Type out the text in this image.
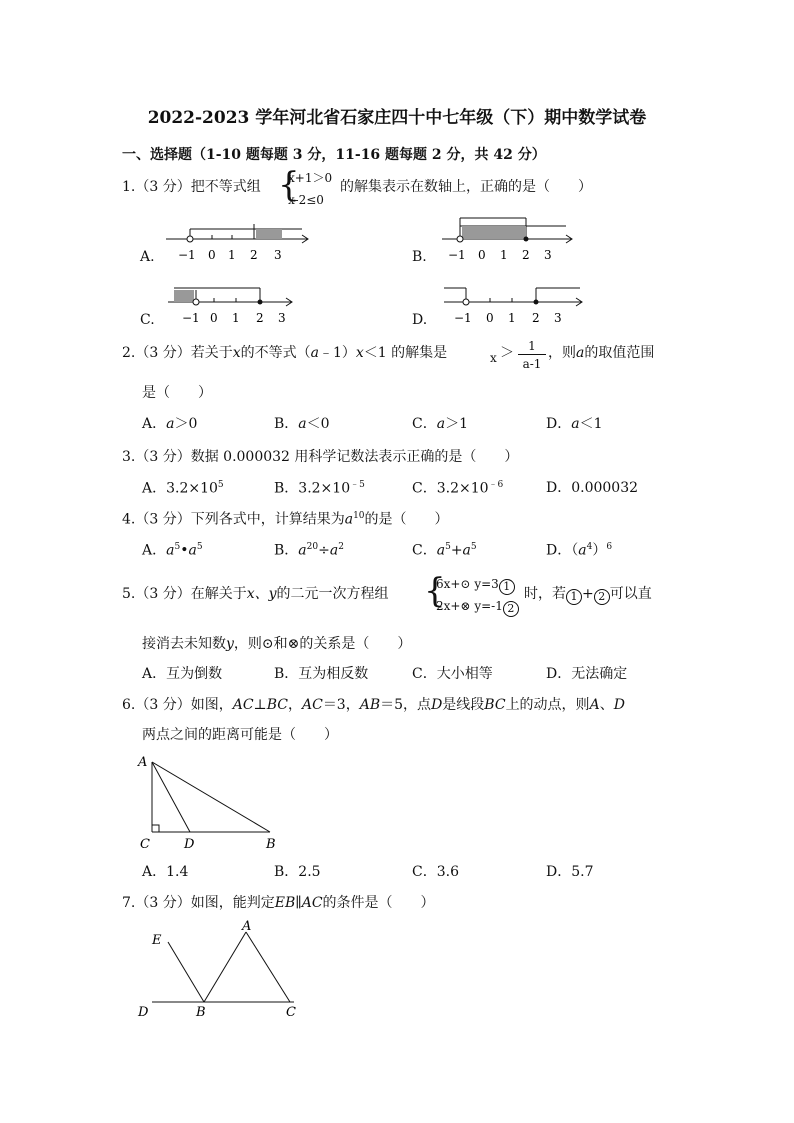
2022-2023 学年河北省石家庄四十中七年级（下）期中数学试卷
一、选择题（1-10 题每题 3 分，11-16 题每题 2 分，共 42 分）
1.（3 分）把不等式组 {
x+1＞0
x-2≤0
的解集表示在数轴上，正确的是（　　）
A.	B.
C.	D.
−1 0 1 2 3	−1 0 1 2 3
−1 0 1 2 3	−1 0 1 2 3
2.（3 分）若关于x的不等式（a﹣1）x＜1 的解集是	x ＞	1
a-1
，则a的取值范围
是（　　）
A．a＞0	B．a＜0	C．a＞1	D．a＜1
3.（3 分）数据 0.000032 用科学记数法表示正确的是（　　）
A．$3.2\times 10^5$	B．$3.2\times 10^{﹣5}$	C．$3.2\times 10^{﹣6}$	D．0.000032
4.（3 分）下列各式中，计算结果为$a^{10}$的是（　　）
A．$a^5•a^5$	B．$a^{20}\div a^2$	C．$a^5+a^5$	D．$(a^4)^6$
5.（3 分）在解关于x、y的二元一次方程组 {
6x+⊙ y=3 1
2x+⊗ y=-1 2
时，若 1 + 2 可以直
接消去未知数y，则⊙和⊗的关系是（　　）
A．互为倒数	B．互为相反数	C．大小相等	D．无法确定
6.（3 分）如图，AC⊥BC，AC＝3，AB＝5，点D是线段BC上的动点，则A、D
两点之间的距离可能是（　　）
A
C	D	B
A．1.4	B．2.5	C．3.6	D．5.7
7.（3 分）如图，能判定EB∥AC的条件是（　　）
E
A
D	B	C
